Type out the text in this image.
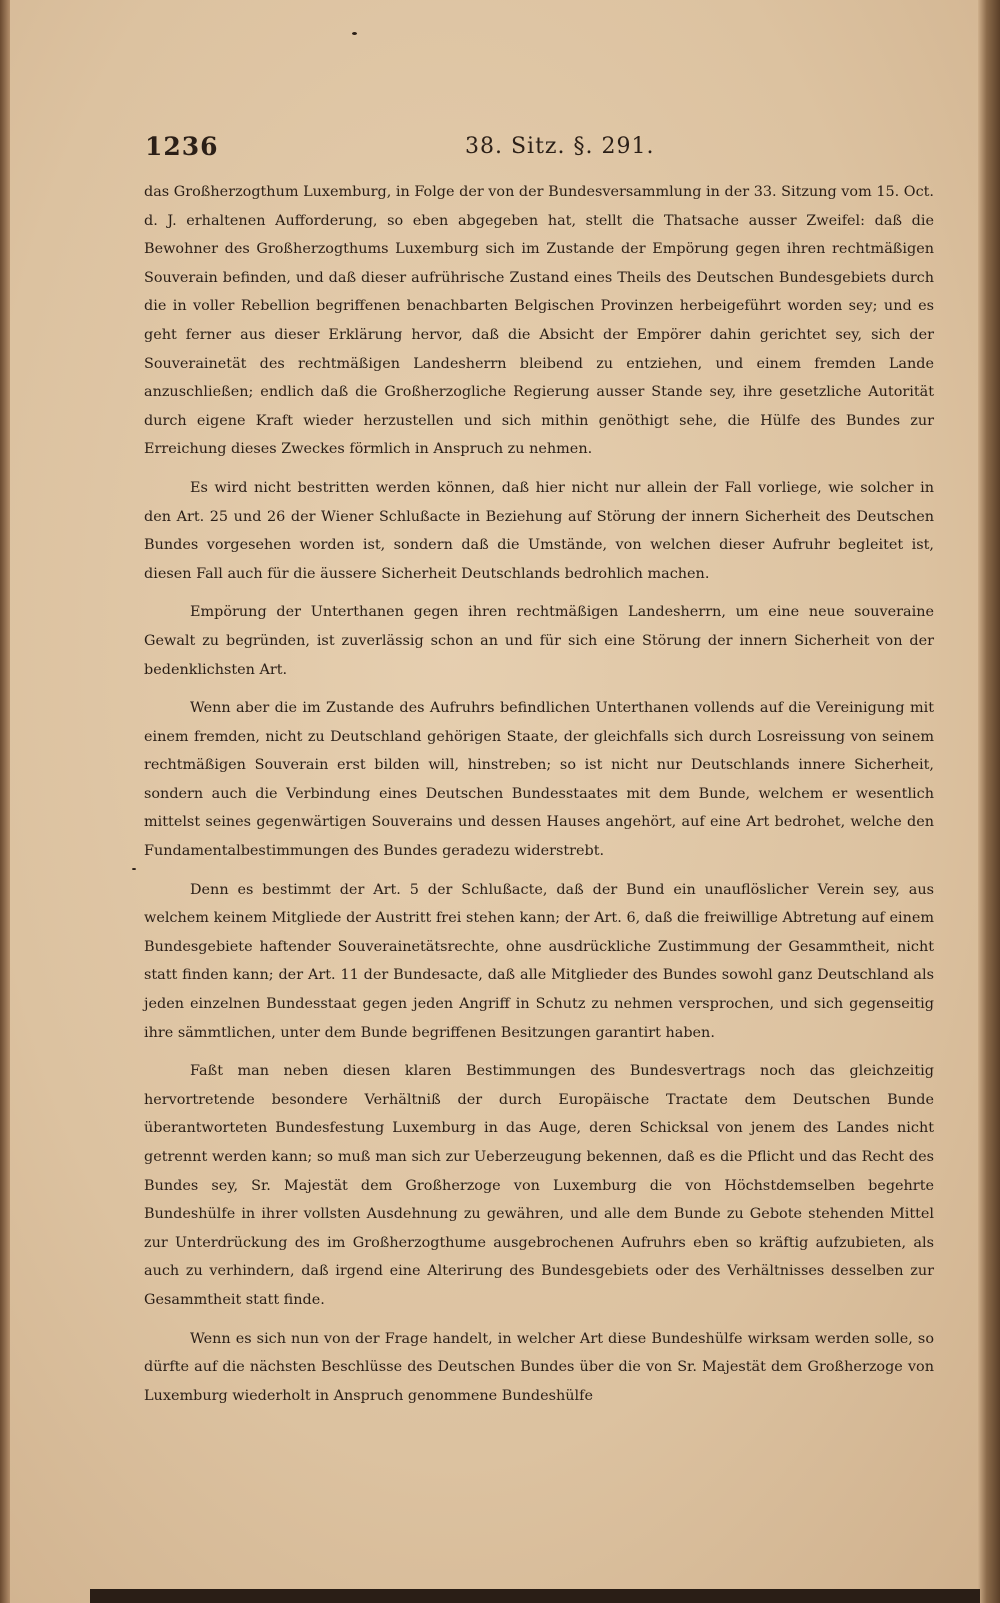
1236	38. Sitz. §. 291.

das Großherzogthum Luxemburg, in Folge der von der Bundesversammlung in der 33. Sitzung vom 15. Oct. d. J. erhaltenen Aufforderung, so eben abgegeben hat, stellt die Thatsache ausser Zweifel: daß die Bewohner des Großherzogthums Luxemburg sich im Zustande der Empörung gegen ihren rechtmäßigen Souverain befinden, und daß dieser aufrührische Zustand eines Theils des Deutschen Bundesgebiets durch die in voller Rebellion begriffenen benachbarten Belgischen Provinzen herbeigeführt worden sey; und es geht ferner aus dieser Erklärung hervor, daß die Absicht der Empörer dahin gerichtet sey, sich der Souverainetät des rechtmäßigen Landesherrn bleibend zu entziehen, und einem fremden Lande anzuschließen; endlich daß die Großherzogliche Regierung ausser Stande sey, ihre gesetzliche Autorität durch eigene Kraft wieder herzustellen und sich mithin genöthigt sehe, die Hülfe des Bundes zur Erreichung dieses Zweckes förmlich in Anspruch zu nehmen.

Es wird nicht bestritten werden können, daß hier nicht nur allein der Fall vorliege, wie solcher in den Art. 25 und 26 der Wiener Schlußacte in Beziehung auf Störung der innern Sicherheit des Deutschen Bundes vorgesehen worden ist, sondern daß die Umstände, von welchen dieser Aufruhr begleitet ist, diesen Fall auch für die äussere Sicherheit Deutschlands bedrohlich machen.

Empörung der Unterthanen gegen ihren rechtmäßigen Landesherrn, um eine neue souveraine Gewalt zu begründen, ist zuverlässig schon an und für sich eine Störung der innern Sicherheit von der bedenklichsten Art.

Wenn aber die im Zustande des Aufruhrs befindlichen Unterthanen vollends auf die Vereinigung mit einem fremden, nicht zu Deutschland gehörigen Staate, der gleichfalls sich durch Losreissung von seinem rechtmäßigen Souverain erst bilden will, hinstreben; so ist nicht nur Deutschlands innere Sicherheit, sondern auch die Verbindung eines Deutschen Bundesstaates mit dem Bunde, welchem er wesentlich mittelst seines gegenwärtigen Souverains und dessen Hauses angehört, auf eine Art bedrohet, welche den Fundamentalbestimmungen des Bundes geradezu widerstrebt.

Denn es bestimmt der Art. 5 der Schlußacte, daß der Bund ein unauflöslicher Verein sey, aus welchem keinem Mitgliede der Austritt frei stehen kann; der Art. 6, daß die freiwillige Abtretung auf einem Bundesgebiete haftender Souverainetätsrechte, ohne ausdrückliche Zustimmung der Gesammtheit, nicht statt finden kann; der Art. 11 der Bundesacte, daß alle Mitglieder des Bundes sowohl ganz Deutschland als jeden einzelnen Bundesstaat gegen jeden Angriff in Schutz zu nehmen versprochen, und sich gegenseitig ihre sämmtlichen, unter dem Bunde begriffenen Besitzungen garantirt haben.

Faßt man neben diesen klaren Bestimmungen des Bundesvertrags noch das gleichzeitig hervortretende besondere Verhältniß der durch Europäische Tractate dem Deutschen Bunde überantworteten Bundesfestung Luxemburg in das Auge, deren Schicksal von jenem des Landes nicht getrennt werden kann; so muß man sich zur Ueberzeugung bekennen, daß es die Pflicht und das Recht des Bundes sey, Sr. Majestät dem Großherzoge von Luxemburg die von Höchstdemselben begehrte Bundeshülfe in ihrer vollsten Ausdehnung zu gewähren, und alle dem Bunde zu Gebote stehenden Mittel zur Unterdrückung des im Großherzogthume ausgebrochenen Aufruhrs eben so kräftig aufzubieten, als auch zu verhindern, daß irgend eine Alterirung des Bundesgebiets oder des Verhältnisses desselben zur Gesammtheit statt finde.

Wenn es sich nun von der Frage handelt, in welcher Art diese Bundeshülfe wirksam werden solle, so dürfte auf die nächsten Beschlüsse des Deutschen Bundes über die von Sr. Majestät dem Großherzoge von Luxemburg wiederholt in Anspruch genommene Bundeshülfe
